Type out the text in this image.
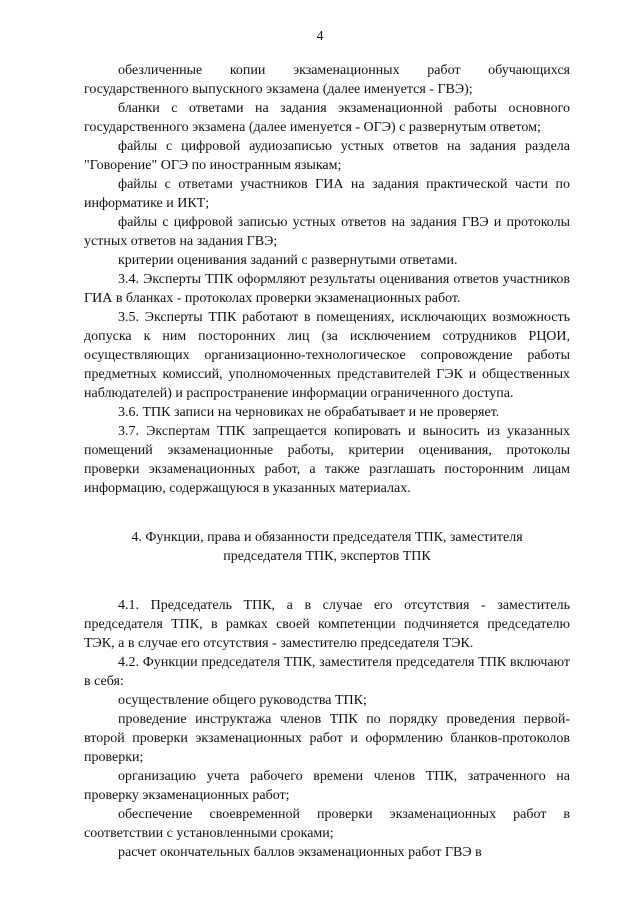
4

обезличенные копии экзаменационных работ обучающихся государственного выпускного экзамена (далее именуется - ГВЭ);

бланки с ответами на задания экзаменационной работы основного государственного экзамена (далее именуется - ОГЭ) с развернутым ответом;

файлы с цифровой аудиозаписью устных ответов на задания раздела "Говорение" ОГЭ по иностранным языкам;

файлы с ответами участников ГИА на задания практической части по информатике и ИКТ;

файлы с цифровой записью устных ответов на задания ГВЭ и протоколы устных ответов на задания ГВЭ;

критерии оценивания заданий с развернутыми ответами.

3.4. Эксперты ТПК оформляют результаты оценивания ответов участников ГИА в бланках - протоколах проверки экзаменационных работ.

3.5. Эксперты ТПК работают в помещениях, исключающих возможность допуска к ним посторонних лиц (за исключением сотрудников РЦОИ, осуществляющих организационно-технологическое сопровождение работы предметных комиссий, уполномоченных представителей ГЭК и общественных наблюдателей) и распространение информации ограниченного доступа.

3.6. ТПК записи на черновиках не обрабатывает и не проверяет.

3.7. Экспертам ТПК запрещается копировать и выносить из указанных помещений экзаменационные работы, критерии оценивания, протоколы проверки экзаменационных работ, а также разглашать посторонним лицам информацию, содержащуюся в указанных материалах.

4. Функции, права и обязанности председателя ТПК, заместителя
председателя ТПК, экспертов ТПК

4.1. Председатель ТПК, а в случае его отсутствия - заместитель председателя ТПК, в рамках своей компетенции подчиняется председателю ТЭК, а в случае его отсутствия - заместителю председателя ТЭК.

4.2. Функции председателя ТПК, заместителя председателя ТПК включают в себя:

осуществление общего руководства ТПК;

проведение инструктажа членов ТПК по порядку проведения первой-второй проверки экзаменационных работ и оформлению бланков-протоколов проверки;

организацию учета рабочего времени членов ТПК, затраченного на проверку экзаменационных работ;

обеспечение своевременной проверки экзаменационных работ в соответствии с установленными сроками;

расчет окончательных баллов экзаменационных работ ГВЭ в
